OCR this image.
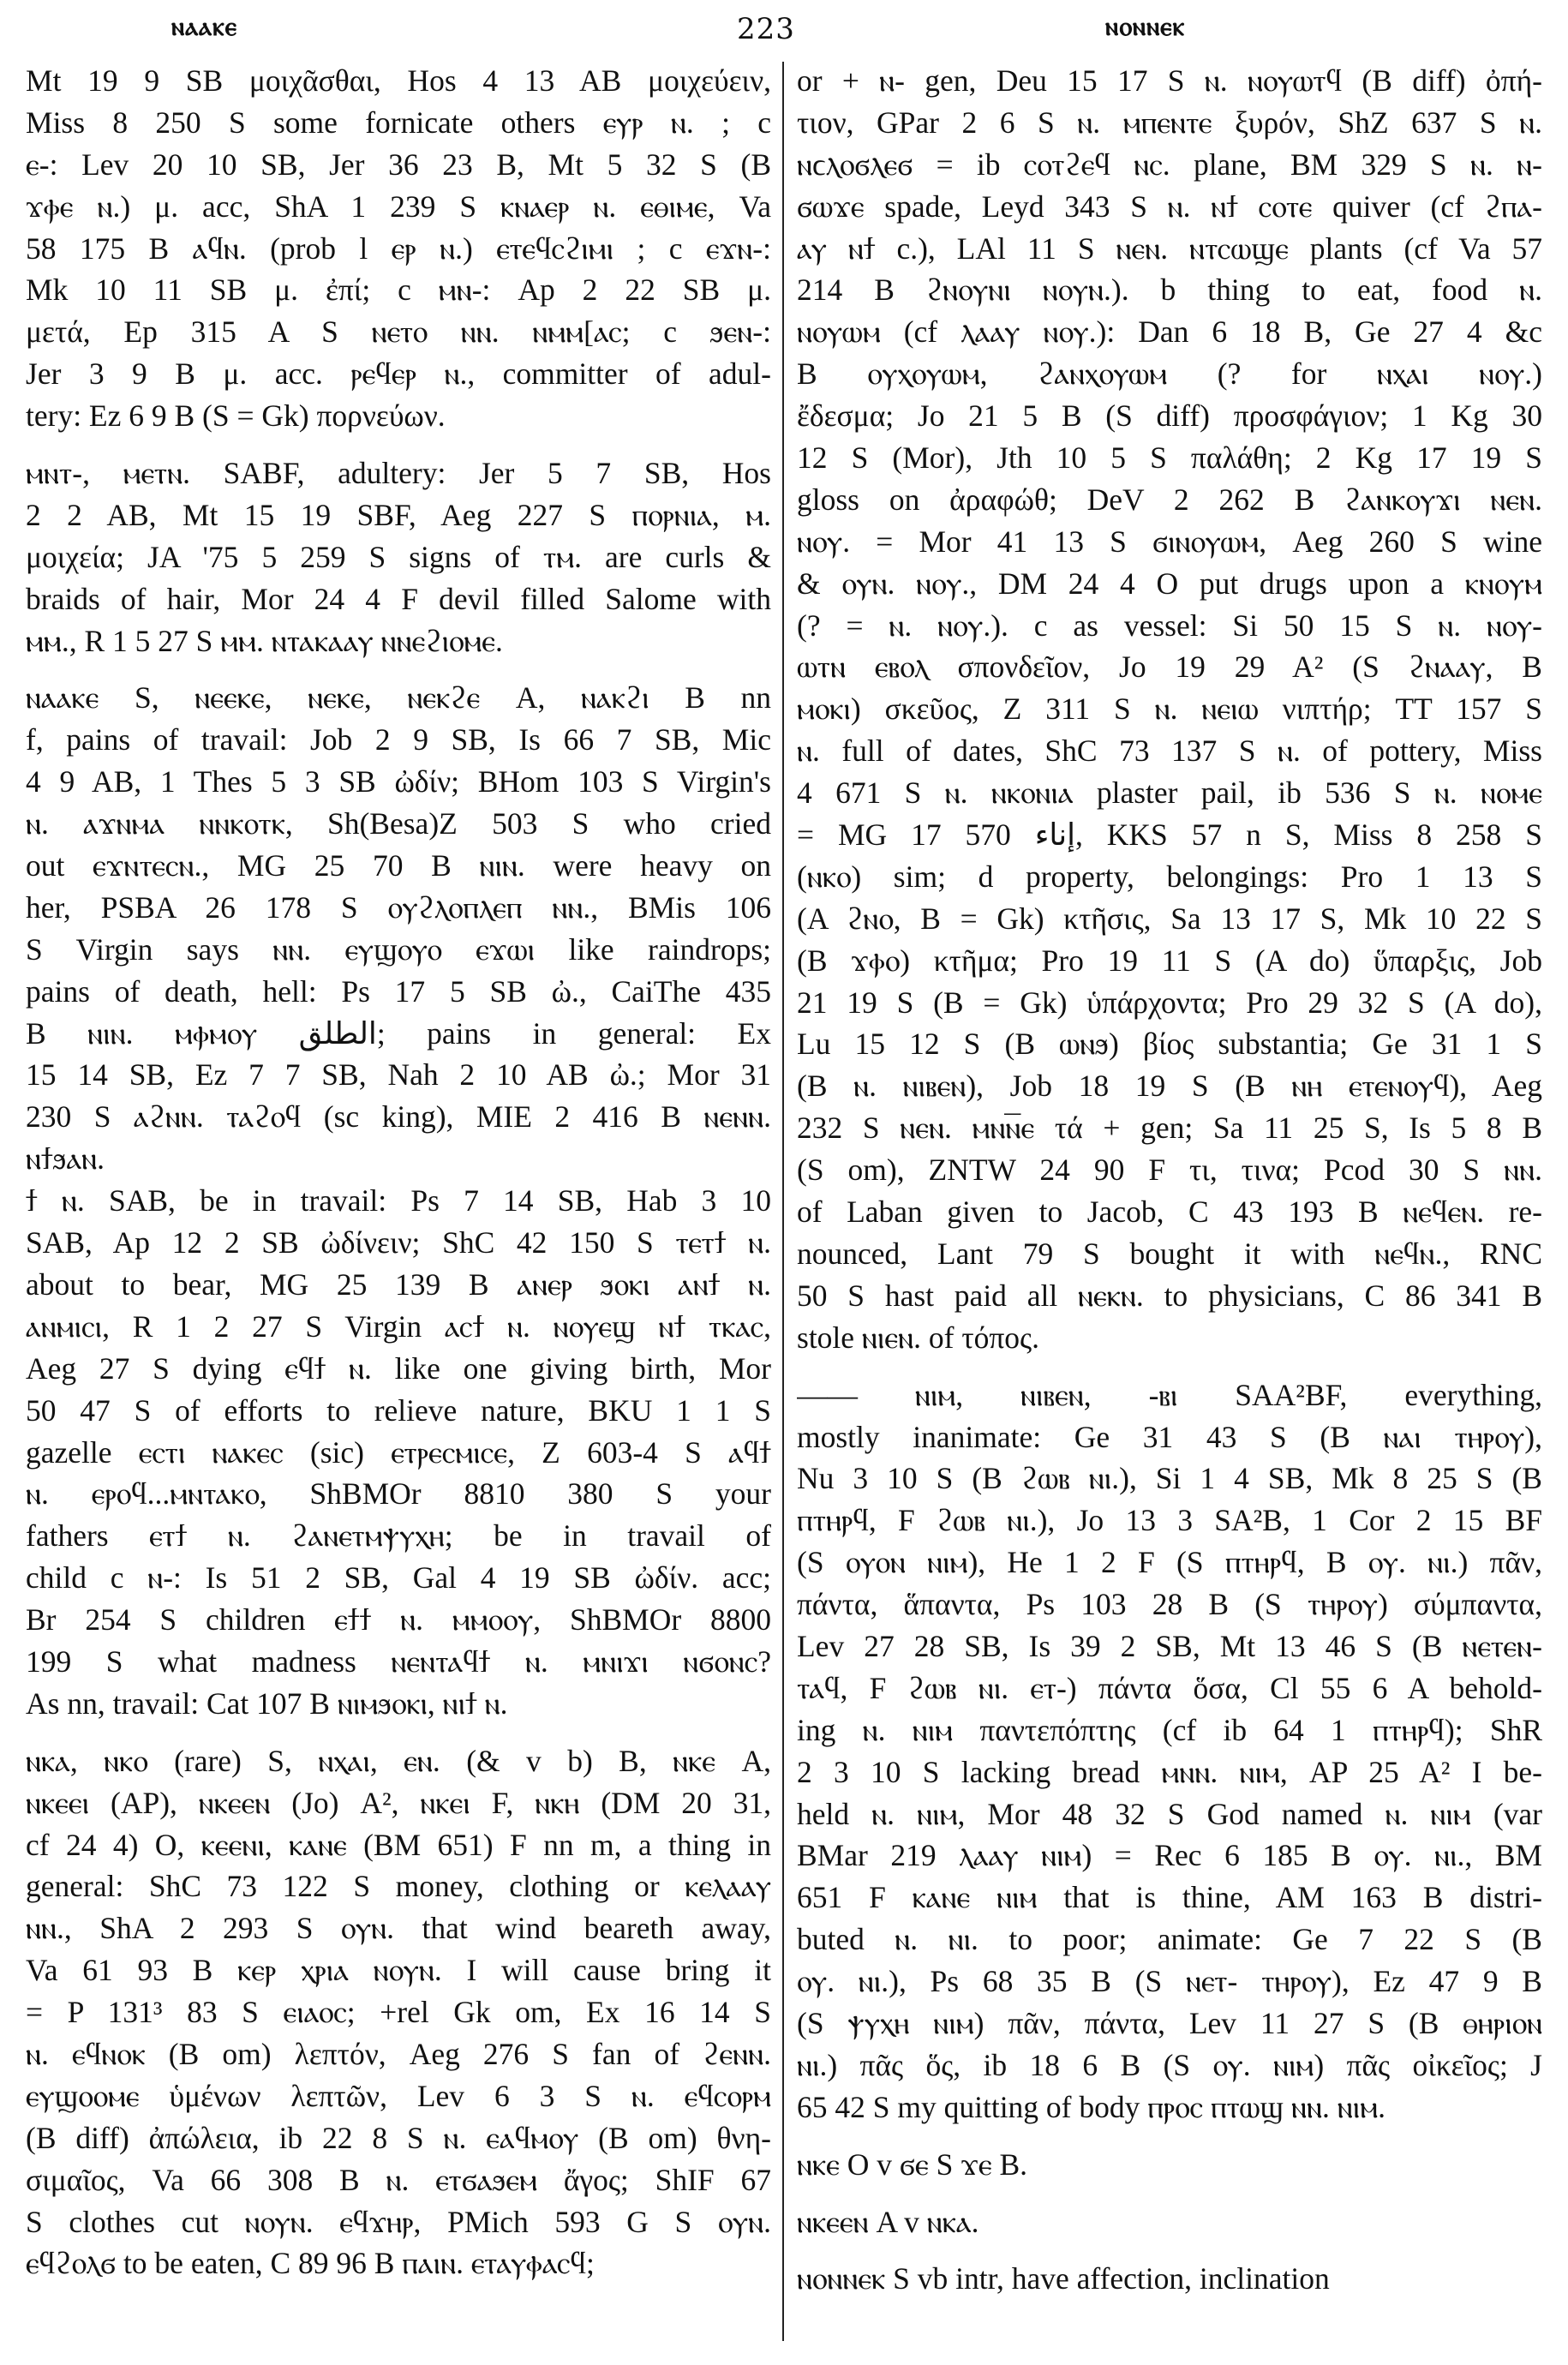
ⲛⲁⲁⲕⲉ	223	ⲛⲟⲛⲛⲉⲕ
Mt 19 9 SB μοιχᾶσθαι, Hos 4 13 AB μοιχεύειν,
Miss 8 250 S some fornicate others ⲉⲩⲣ ⲛ. ; c
ⲉ-: Lev 20 10 SB, Jer 36 23 B, Mt 5 32 S (B
ϫⲫⲉ ⲛ.) μ. acc, ShA 1 239 S ⲕⲛⲁⲉⲣ ⲛ. ⲉⲑⲓⲙⲉ, Va
58 175 B ⲁϥⲛ. (prob l ⲉⲣ ⲛ.) ⲉⲧⲉϥⲥϩⲓⲙⲓ ; c ⲉϫⲛ-:
Mk 10 11 SB μ. ἐπί; c ⲙⲛ-: Ap 2 22 SB μ.
μετά, Ep 315 A S ⲛⲉⲧⲟ ⲛⲛ. ⲛⲙⲙ[ⲁⲥ; c ϧⲉⲛ-:
Jer 3 9 B μ. acc. ⲣⲉϥⲉⲣ ⲛ., committer of adul-
tery: Ez 6 9 B (S = Gk) πορνεύων.
ⲙⲛⲧ-, ⲙⲉⲧⲛ. SABF, adultery: Jer 5 7 SB, Hos
2 2 AB, Mt 15 19 SBF, Aeg 227 S ⲡⲟⲣⲛⲓⲁ, ⲙ.
μοιχεία; JA '75 5 259 S signs of ⲧⲙ. are curls &
braids of hair, Mor 24 4 F devil filled Salome with
ⲙⲙ., R 1 5 27 S ⲙⲙ. ⲛⲧⲁⲕⲁⲁⲩ ⲛⲛⲉϩⲓⲟⲙⲉ.
ⲛⲁⲁⲕⲉ S, ⲛⲉⲉⲕⲉ, ⲛⲉⲕⲉ, ⲛⲉⲕϩⲉ A, ⲛⲁⲕϩⲓ B nn
f, pains of travail: Job 2 9 SB, Is 66 7 SB, Mic
4 9 AB, 1 Thes 5 3 SB ὠδίν; BHom 103 S Virgin's
ⲛ. ⲁϫⲛⲙⲁ ⲛⲛⲕⲟⲧⲕ, Sh(Besa)Z 503 S who cried
out ⲉϫⲛⲧⲉⲥⲛ., MG 25 70 B ⲛⲓⲛ. were heavy on
her, PSBA 26 178 S ⲟⲩϩⲗⲟⲡⲗⲉⲡ ⲛⲛ., BMis 106
S Virgin says ⲛⲛ. ⲉⲩϣⲟⲩⲟ ⲉϫⲱⲓ like raindrops;
pains of death, hell: Ps 17 5 SB ὠ., CaiThe 435
B ⲛⲓⲛ. ⲙⲫⲙⲟⲩ الطلق; pains in general: Ex
15 14 SB, Ez 7 7 SB, Nah 2 10 AB ὠ.; Mor 31
230 S ⲁϩⲛⲛ. ⲧⲁϩⲟϥ (sc king), MIE 2 416 B ⲛⲉⲛⲛ.
ⲛϯϧⲁⲛ.
ϯ ⲛ. SAB, be in travail: Ps 7 14 SB, Hab 3 10
SAB, Ap 12 2 SB ὠδίνειν; ShC 42 150 S ⲧⲉⲧϯ ⲛ.
about to bear, MG 25 139 B ⲁⲛⲉⲣ ϧⲟⲕⲓ ⲁⲛϯ ⲛ.
ⲁⲛⲙⲓⲥⲓ, R 1 2 27 S Virgin ⲁⲥϯ ⲛ. ⲛⲟⲩⲉϣ ⲛϯ ⲧⲕⲁⲥ,
Aeg 27 S dying ⲉϥϯ ⲛ. like one giving birth, Mor
50 47 S of efforts to relieve nature, BKU 1 1 S
gazelle ⲉⲥⲧⲓ ⲛⲁⲕⲉⲥ (sic) ⲉⲧⲣⲉⲥⲙⲓⲥⲉ, Z 603-4 S ⲁϥϯ
ⲛ. ⲉⲣⲟϥ...ⲙⲛⲧⲁⲕⲟ, ShBMOr 8810 380 S your
fathers ⲉⲧϯ ⲛ. ϩⲁⲛⲉⲧⲙⲯⲩⲭⲏ; be in travail of
child c ⲛ-: Is 51 2 SB, Gal 4 19 SB ὠδίν. acc;
Br 254 S children ⲉϯϯ ⲛ. ⲙⲙⲟⲟⲩ, ShBMOr 8800
199 S what madness ⲛⲉⲛⲧⲁϥϯ ⲛ. ⲙⲛⲓϫⲓ ⲛϭⲟⲛⲥ?
As nn, travail: Cat 107 B ⲛⲓⲙϧⲟⲕⲓ, ⲛⲓϯ ⲛ.
ⲛⲕⲁ, ⲛⲕⲟ (rare) S, ⲛⲭⲁⲓ, ⲉⲛ. (& v b) B, ⲛⲕⲉ A,
ⲛⲕⲉⲉⲓ (AP), ⲛⲕⲉⲉⲛ (Jo) A², ⲛⲕⲉⲓ F, ⲛⲕⲏ (DM 20 31,
cf 24 4) O, ⲕⲉⲉⲛⲓ, ⲕⲁⲛⲉ (BM 651) F nn m, a thing in
general: ShC 73 122 S money, clothing or ⲕⲉⲗⲁⲁⲩ
ⲛⲛ., ShA 2 293 S ⲟⲩⲛ. that wind beareth away,
Va 61 93 B ⲕⲉⲣ ⲭⲣⲓⲁ ⲛⲟⲩⲛ. I will cause bring it
= P 131³ 83 S ⲉⲓⲁⲟⲥ; +rel Gk om, Ex 16 14 S
ⲛ. ⲉϥⲛⲟⲕ (B om) λεπτόν, Aeg 276 S fan of ϩⲉⲛⲛ.
ⲉⲩϣⲟⲟⲙⲉ ὑμένων λεπτῶν, Lev 6 3 S ⲛ. ⲉϥⲥⲟⲣⲙ
(B diff) ἀπώλεια, ib 22 8 S ⲛ. ⲉⲁϥⲙⲟⲩ (B om) θνη-
σιμαῖος, Va 66 308 B ⲛ. ⲉⲧϭⲁϧⲉⲙ ἄγος; ShIF 67
S clothes cut ⲛⲟⲩⲛ. ⲉϥϫⲏⲣ, PMich 593 G S ⲟⲩⲛ.
ⲉϥϩⲟⲗϭ to be eaten, C 89 96 B ⲡⲁⲓⲛ. ⲉⲧⲁⲩⲫⲁⲥϥ;
or + ⲛ- gen, Deu 15 17 S ⲛ. ⲛⲟⲩⲱⲧϥ (B diff) ὀπή-
τιον, GPar 2 6 S ⲛ. ⲙⲡⲉⲛⲧⲉ ξυρόν, ShZ 637 S ⲛ.
ⲛϲⲗⲟϭⲗⲉϭ = ib ⲥⲟⲧϩⲉϥ ⲛⲥ. plane, BM 329 S ⲛ. ⲛ-
ϭⲱϫⲉ spade, Leyd 343 S ⲛ. ⲛϯ ⲥⲟⲧⲉ quiver (cf ϩⲡⲁ-
ⲁⲩ ⲛϯ c.), LAl 11 S ⲛⲉⲛ. ⲛⲧⲥⲱϣⲉ plants (cf Va 57
214 B ϩⲛⲟⲩⲛⲓ ⲛⲟⲩⲛ.). b thing to eat, food ⲛ.
ⲛⲟⲩⲱⲙ (cf ⲗⲁⲁⲩ ⲛⲟⲩ.): Dan 6 18 B, Ge 27 4 &c
B ⲟⲩⲭⲟⲩⲱⲙ, ϩⲁⲛⲭⲟⲩⲱⲙ (? for ⲛⲭⲁⲓ ⲛⲟⲩ.)
ἔδεσμα; Jo 21 5 B (S diff) προσφάγιον; 1 Kg 30
12 S (Mor), Jth 10 5 S παλάθη; 2 Kg 17 19 S
gloss on ἀραφώθ; DeV 2 262 B ϩⲁⲛⲕⲟⲩϫⲓ ⲛⲉⲛ.
ⲛⲟⲩ. = Mor 41 13 S ϭⲓⲛⲟⲩⲱⲙ, Aeg 260 S wine
& ⲟⲩⲛ. ⲛⲟⲩ., DM 24 4 O put drugs upon a ⲕⲛⲟⲩⲙ
(? = ⲛ. ⲛⲟⲩ.). c as vessel: Si 50 15 S ⲛ. ⲛⲟⲩ-
ⲱⲧⲛ ⲉⲃⲟⲗ σπονδεῖον, Jo 19 29 A² (S ϩⲛⲁⲁⲩ, B
ⲙⲟⲕⲓ) σκεῦος, Z 311 S ⲛ. ⲛⲉⲓⲱ νιπτήρ; TT 157 S
ⲛ. full of dates, ShC 73 137 S ⲛ. of pottery, Miss
4 671 S ⲛ. ⲛⲕⲟⲛⲓⲁ plaster pail, ib 536 S ⲛ. ⲛⲟⲙⲉ
= MG 17 570 إناء, KKS 57 n S, Miss 8 258 S
(ⲛⲕⲟ) sim; d property, belongings: Pro 1 13 S
(A ϩⲛⲟ, B = Gk) κτῆσις, Sa 13 17 S, Mk 10 22 S
(B ϫⲫⲟ) κτῆμα; Pro 19 11 S (A do) ὕπαρξις, Job
21 19 S (B = Gk) ὑπάρχοντα; Pro 29 32 S (A do),
Lu 15 12 S (B ⲱⲛϧ) βίος substantia; Ge 31 1 S
(B ⲛ. ⲛⲓⲃⲉⲛ), Job 18 19 S (B ⲛⲏ ⲉⲧⲉⲛⲟⲩϥ), Aeg
232 S ⲛⲉⲛ. ⲙⲛⲛ̅ⲉ τά + gen; Sa 11 25 S, Is 5 8 B
(S om), ZNTW 24 90 F τι, τινα; Pcod 30 S ⲛⲛ.
of Laban given to Jacob, C 43 193 B ⲛⲉϥⲉⲛ. re-
nounced, Lant 79 S bought it with ⲛⲉϥⲛ., RNC
50 S hast paid all ⲛⲉⲕⲛ. to physicians, C 86 341 B
stole ⲛⲓⲉⲛ. of τόπος.
—— ⲛⲓⲙ, ⲛⲓⲃⲉⲛ, -ⲃⲓ SAA²BF, everything,
mostly inanimate: Ge 31 43 S (B ⲛⲁⲓ ⲧⲏⲣⲟⲩ),
Nu 3 10 S (B ϩⲱⲃ ⲛⲓ.), Si 1 4 SB, Mk 8 25 S (B
ⲡⲧⲏⲣϥ, F ϩⲱⲃ ⲛⲓ.), Jo 13 3 SA²B, 1 Cor 2 15 BF
(S ⲟⲩⲟⲛ ⲛⲓⲙ), He 1 2 F (S ⲡⲧⲏⲣϥ, B ⲟⲩ. ⲛⲓ.) πᾶν,
πάντα, ἅπαντα, Ps 103 28 B (S ⲧⲏⲣⲟⲩ) σύμπαντα,
Lev 27 28 SB, Is 39 2 SB, Mt 13 46 S (B ⲛⲉⲧⲉⲛ-
ⲧⲁϥ, F ϩⲱⲃ ⲛⲓ. ⲉⲧ-) πάντα ὅσα, Cl 55 6 A behold-
ing ⲛ. ⲛⲓⲙ παντεπόπτης (cf ib 64 1 ⲡⲧⲏⲣϥ); ShR
2 3 10 S lacking bread ⲙⲛⲛ. ⲛⲓⲙ, AP 25 A² I be-
held ⲛ. ⲛⲓⲙ, Mor 48 32 S God named ⲛ. ⲛⲓⲙ (var
BMar 219 ⲗⲁⲁⲩ ⲛⲓⲙ) = Rec 6 185 B ⲟⲩ. ⲛⲓ., BM
651 F ⲕⲁⲛⲉ ⲛⲓⲙ that is thine, AM 163 B distri-
buted ⲛ. ⲛⲓ. to poor; animate: Ge 7 22 S (B
ⲟⲩ. ⲛⲓ.), Ps 68 35 B (S ⲛⲉⲧ- ⲧⲏⲣⲟⲩ), Ez 47 9 B
(S ⲯⲩⲭⲏ ⲛⲓⲙ) πᾶν, πάντα, Lev 11 27 S (B ⲑⲏⲣⲓⲟⲛ
ⲛⲓ.) πᾶς ὅς, ib 18 6 B (S ⲟⲩ. ⲛⲓⲙ) πᾶς οἰκεῖος; J
65 42 S my quitting of body ⲡⲣⲟⲥ ⲡⲧⲱϣ ⲛⲛ. ⲛⲓⲙ.
ⲛⲕⲉ O v ϭⲉ S ϫⲉ B.
ⲛⲕⲉⲉⲛ A v ⲛⲕⲁ.
ⲛⲟⲛⲛⲉⲕ S vb intr, have affection, inclination
